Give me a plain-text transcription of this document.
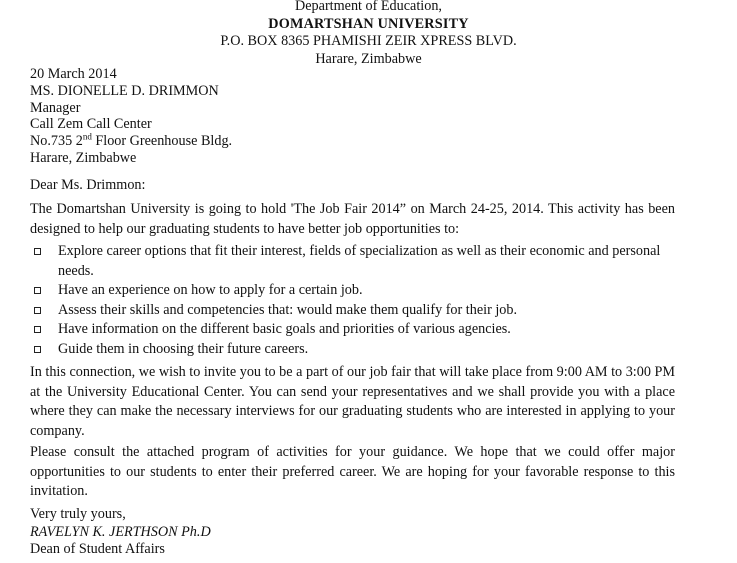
Department of Education,
DOMARTSHAN UNIVERSITY
P.O. BOX 8365 PHAMISHI ZEIR XPRESS BLVD.
Harare, Zimbabwe
20 March 2014
MS. DIONELLE D. DRIMMON
Manager
Call Zem Call Center
No.735 2nd Floor Greenhouse Bldg.
Harare, Zimbabwe
Dear Ms. Drimmon:
The Domartshan University is going to hold 'The Job Fair 2014” on March 24-25, 2014. This activity has been designed to help our graduating students to have better job opportunities to:
Explore career options that fit their interest, fields of specialization as well as their economic and personal needs.
Have an experience on how to apply for a certain job.
Assess their skills and competencies that: would make them qualify for their job.
Have information on the different basic goals and priorities of various agencies.
Guide them in choosing their future careers.
In this connection, we wish to invite you to be a part of our job fair that will take place from 9:00 AM to 3:00 PM at the University Educational Center. You can send your representatives and we shall provide you with a place where they can make the necessary interviews for our graduating students who are interested in applying to your company.
Please consult the attached program of activities for your guidance. We hope that we could offer major opportunities to our students to enter their preferred career. We are hoping for your favorable response to this invitation.
Very truly yours,
RAVELYN K. JERTHSON Ph.D
Dean of Student Affairs
